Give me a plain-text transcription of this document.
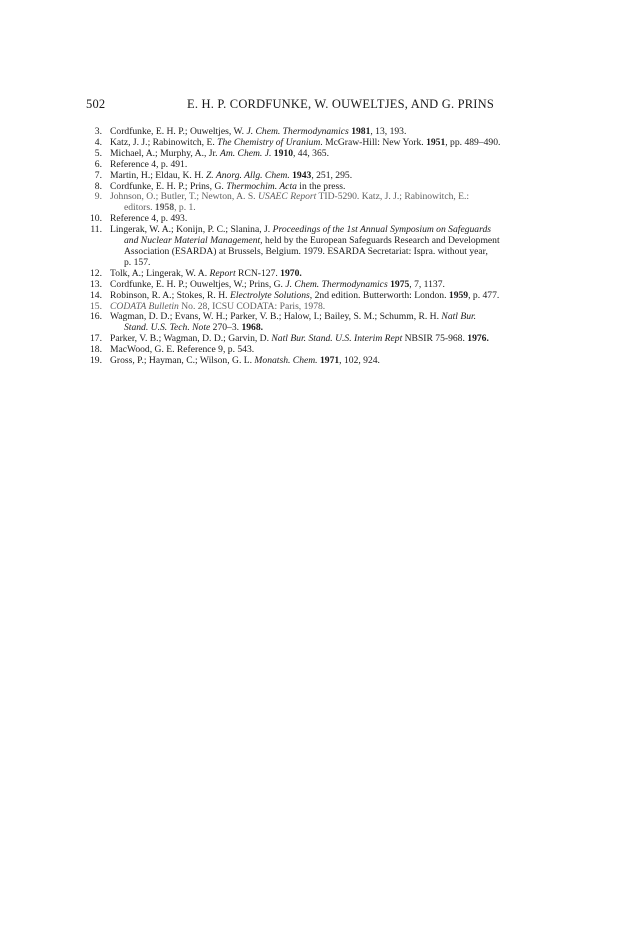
502	E. H. P. CORDFUNKE, W. OUWELTJES, AND G. PRINS
3. Cordfunke, E. H. P.; Ouweltjes, W. J. Chem. Thermodynamics 1981, 13, 193.
4. Katz, J. J.; Rabinowitch, E. The Chemistry of Uranium. McGraw-Hill: New York. 1951, pp. 489–490.
5. Michael, A.; Murphy, A., Jr. Am. Chem. J. 1910, 44, 365.
6. Reference 4, p. 491.
7. Martin, H.; Eldau, K. H. Z. Anorg. Allg. Chem. 1943, 251, 295.
8. Cordfunke, E. H. P.; Prins, G. Thermochim. Acta in the press.
9. Johnson, O.; Butler, T.; Newton, A. S. USAEC Report TID-5290. Katz, J. J.; Rabinowitch, E.:
editors. 1958, p. 1.
10. Reference 4, p. 493.
11. Lingerak, W. A.; Konijn, P. C.; Slanina, J. Proceedings of the 1st Annual Symposium on Safeguards
and Nuclear Material Management, held by the European Safeguards Research and Development
Association (ESARDA) at Brussels, Belgium. 1979. ESARDA Secretariat: Ispra. without year,
p. 157.
12. Tolk, A.; Lingerak, W. A. Report RCN-127. 1970.
13. Cordfunke, E. H. P.; Ouweltjes, W.; Prins, G. J. Chem. Thermodynamics 1975, 7, 1137.
14. Robinson, R. A.; Stokes, R. H. Electrolyte Solutions, 2nd edition. Butterworth: London. 1959, p. 477.
15. CODATA Bulletin No. 28, ICSU CODATA: Paris, 1978.
16. Wagman, D. D.; Evans, W. H.; Parker, V. B.; Halow, I.; Bailey, S. M.; Schumm, R. H. Natl Bur.
Stand. U.S. Tech. Note 270–3. 1968.
17. Parker, V. B.; Wagman, D. D.; Garvin, D. Natl Bur. Stand. U.S. Interim Rept NBSIR 75-968. 1976.
18. MacWood, G. E. Reference 9, p. 543.
19. Gross, P.; Hayman, C.; Wilson, G. L. Monatsh. Chem. 1971, 102, 924.
